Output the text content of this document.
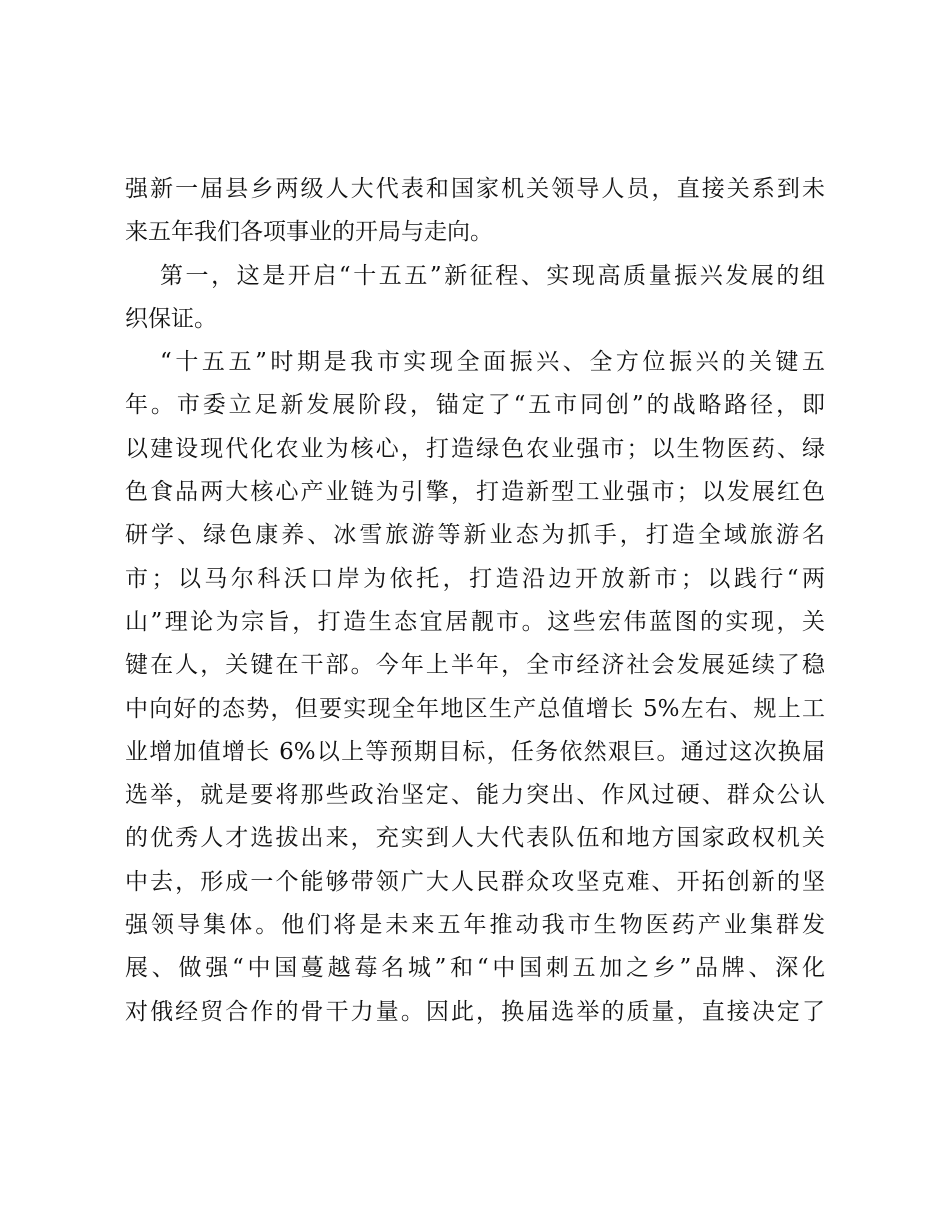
强新一届县乡两级人大代表和国家机关领导人员，直接关系到未
来五年我们各项事业的开局与走向。
第一，这是开启“十五五”新征程、实现高质量振兴发展的组
织保证。
“十五五”时期是我市实现全面振兴、全方位振兴的关键五
年。市委立足新发展阶段，锚定了“五市同创”的战略路径，即
以建设现代化农业为核心，打造绿色农业强市；以生物医药、绿
色食品两大核心产业链为引擎，打造新型工业强市；以发展红色
研学、绿色康养、冰雪旅游等新业态为抓手，打造全域旅游名
市；以马尔科沃口岸为依托，打造沿边开放新市；以践行“两
山”理论为宗旨，打造生态宜居靓市。这些宏伟蓝图的实现，关
键在人，关键在干部。今年上半年，全市经济社会发展延续了稳
中向好的态势，但要实现全年地区生产总值增长 5%左右、规上工
业增加值增长 6%以上等预期目标，任务依然艰巨。通过这次换届
选举，就是要将那些政治坚定、能力突出、作风过硬、群众公认
的优秀人才选拔出来，充实到人大代表队伍和地方国家政权机关
中去，形成一个能够带领广大人民群众攻坚克难、开拓创新的坚
强领导集体。他们将是未来五年推动我市生物医药产业集群发
展、做强“中国蔓越莓名城”和“中国刺五加之乡”品牌、深化
对俄经贸合作的骨干力量。因此，换届选举的质量，直接决定了
